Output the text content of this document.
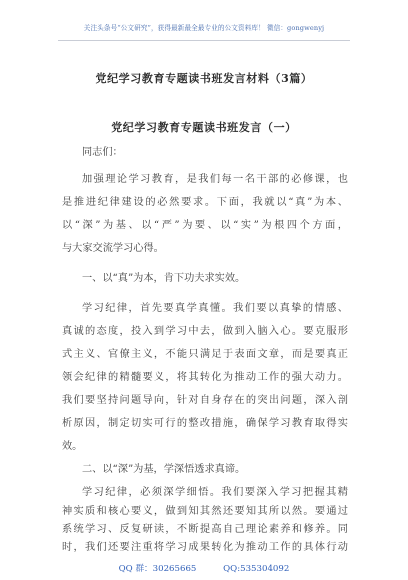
关注头条号“公文研究”，获得最新最全最专业的公文资料库！ 微信：gongwenyj
党纪学习教育专题读书班发言材料（3篇）
党纪学习教育专题读书班发言（一）
同志们：
加强理论学习教育，是我们每一名干部的必修课，也
是推进纪律建设的必然要求。下面，我就以“真”为本、
以“深”为基、以“严”为要、以“实”为根四个方面，
与大家交流学习心得。
一、以“真”为本，肯下功夫求实效。
学习纪律，首先要真学真懂。我们要以真挚的情感、
真诚的态度，投入到学习中去，做到入脑入心。要克服形
式主义、官僚主义，不能只满足于表面文章，而是要真正
领会纪律的精髓要义，将其转化为推动工作的强大动力。
我们要坚持问题导向，针对自身存在的突出问题，深入剖
析原因，制定切实可行的整改措施，确保学习教育取得实
效。
二、以“深”为基，学深悟透求真谛。
学习纪律，必须深学细悟。我们要深入学习把握其精
神实质和核心要义，做到知其然还要知其所以然。要通过
系统学习、反复研读，不断提高自己理论素养和修养。同
时，我们还要注重将学习成果转化为推动工作的具体行动
QQ 群：30265665	QQ:535304092
